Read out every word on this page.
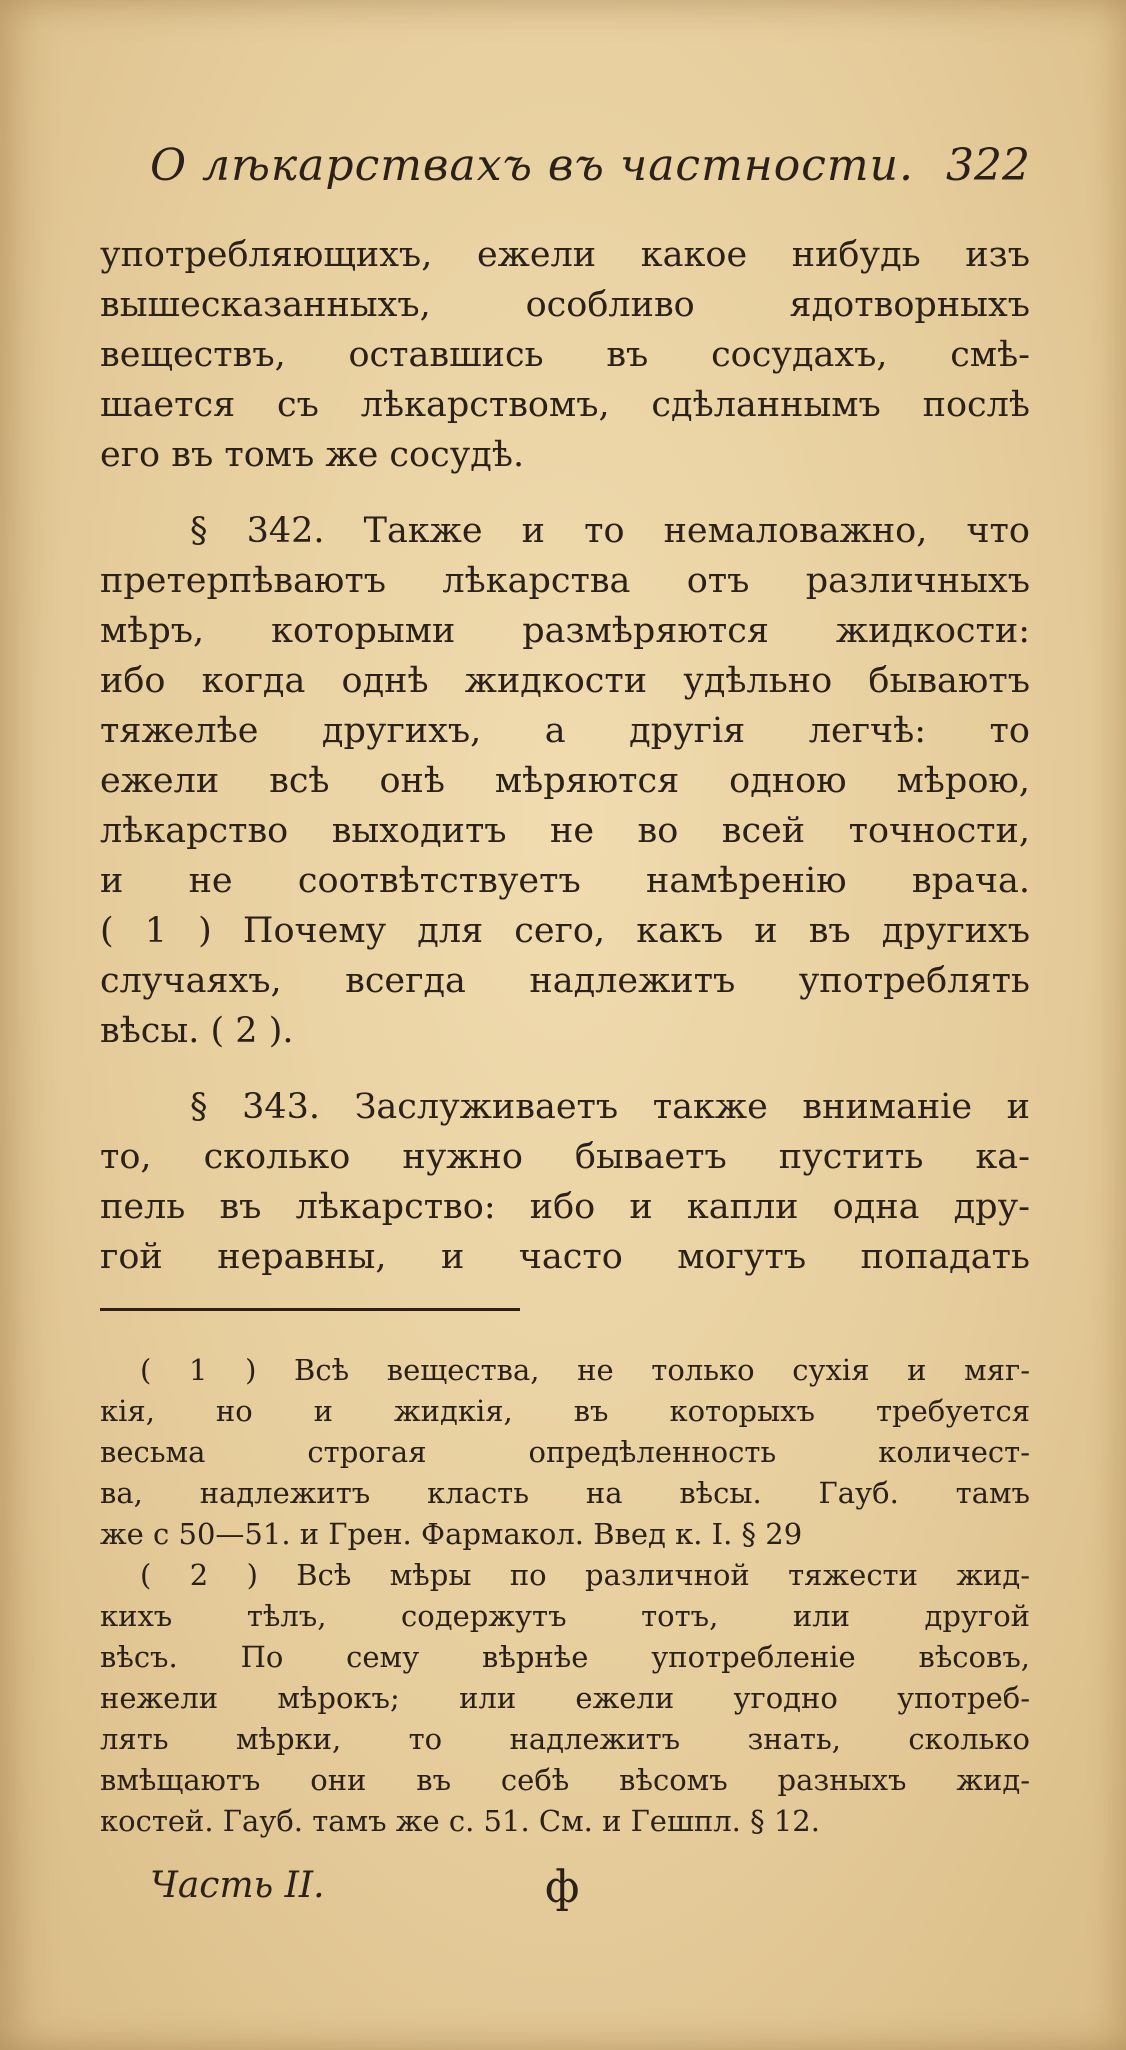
О лѣкарствахъ въ частности. 322
употребляющихъ, ежели какое нибудь изъ
вышесказанныхъ, особливо ядотворныхъ
веществъ, оставшись въ сосудахъ, смѣ-
шается съ лѣкарствомъ, сдѣланнымъ послѣ
его въ томъ же сосудѣ.
§ 342. Также и то немаловажно, что
претерпѣваютъ лѣкарства отъ различныхъ
мѣръ, которыми размѣряются жидкости:
ибо когда однѣ жидкости удѣльно бываютъ
тяжелѣе другихъ, а другія легчѣ: то
ежели всѣ онѣ мѣряются одною мѣрою,
лѣкарство выходитъ не во всей точности,
и не соотвѣтствуетъ намѣренію врача.
( 1 ) Почему для сего, какъ и въ другихъ
случаяхъ, всегда надлежитъ употреблять
вѣсы. ( 2 ).
§ 343. Заслуживаетъ также вниманіе и
то, сколько нужно бываетъ пустить ка-
пель въ лѣкарство: ибо и капли одна дру-
гой неравны, и часто могутъ попадать
( 1 ) Всѣ вещества, не только сухія и мяг-
кія, но и жидкія, въ которыхъ требуется
весьма строгая опредѣленность количест-
ва, надлежитъ класть на вѣсы. Гауб. тамъ
же с 50—51. и Грен. Фармакол. Введ к. I. § 29
( 2 ) Всѣ мѣры по различной тяжести жид-
кихъ тѣлъ, содержутъ тотъ, или другой
вѣсъ. По сему вѣрнѣе употребленіе вѣсовъ,
нежели мѣрокъ; или ежели угодно употреб-
лять мѣрки, то надлежитъ знать, сколько
вмѣщаютъ они въ себѣ вѣсомъ разныхъ жид-
костей. Гауб. тамъ же с. 51. См. и Гешпл. § 12.
Часть II.	ф
